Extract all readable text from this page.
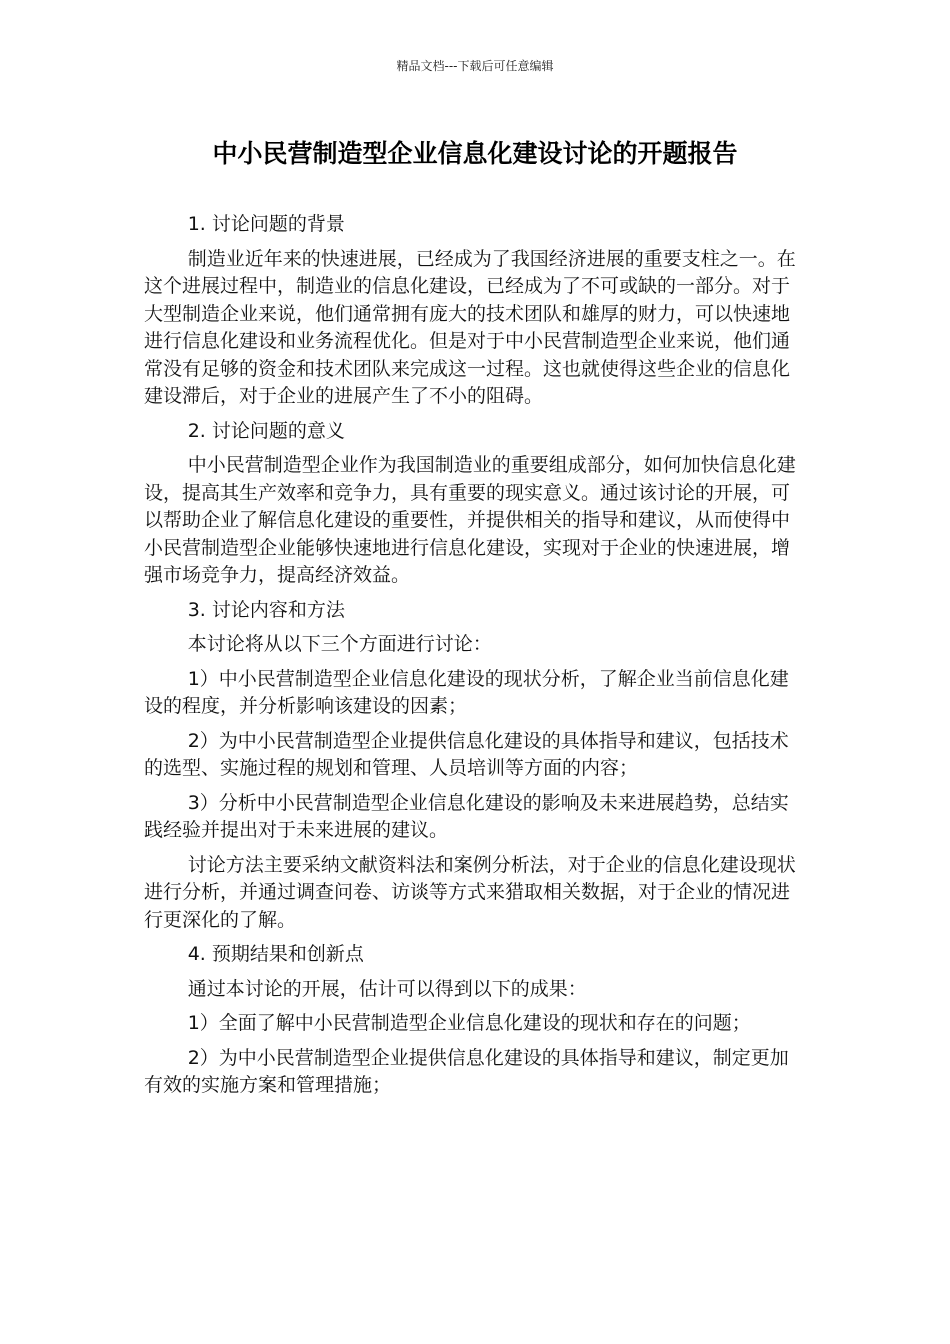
精品文档---下载后可任意编辑
中小民营制造型企业信息化建设讨论的开题报告

1. 讨论问题的背景

制造业近年来的快速进展，已经成为了我国经济进展的重要支柱之一。在这个进展过程中，制造业的信息化建设，已经成为了不可或缺的一部分。对于大型制造企业来说，他们通常拥有庞大的技术团队和雄厚的财力，可以快速地进行信息化建设和业务流程优化。但是对于中小民营制造型企业来说，他们通常没有足够的资金和技术团队来完成这一过程。这也就使得这些企业的信息化建设滞后，对于企业的进展产生了不小的阻碍。

2. 讨论问题的意义

中小民营制造型企业作为我国制造业的重要组成部分，如何加快信息化建设，提高其生产效率和竞争力，具有重要的现实意义。通过该讨论的开展，可以帮助企业了解信息化建设的重要性，并提供相关的指导和建议，从而使得中小民营制造型企业能够快速地进行信息化建设，实现对于企业的快速进展，增强市场竞争力，提高经济效益。

3. 讨论内容和方法

本讨论将从以下三个方面进行讨论：

1）中小民营制造型企业信息化建设的现状分析，了解企业当前信息化建设的程度，并分析影响该建设的因素；

2）为中小民营制造型企业提供信息化建设的具体指导和建议，包括技术的选型、实施过程的规划和管理、人员培训等方面的内容；

3）分析中小民营制造型企业信息化建设的影响及未来进展趋势，总结实践经验并提出对于未来进展的建议。

讨论方法主要采纳文献资料法和案例分析法，对于企业的信息化建设现状进行分析，并通过调查问卷、访谈等方式来猎取相关数据，对于企业的情况进行更深化的了解。

4. 预期结果和创新点

通过本讨论的开展，估计可以得到以下的成果：

1）全面了解中小民营制造型企业信息化建设的现状和存在的问题；

2）为中小民营制造型企业提供信息化建设的具体指导和建议，制定更加有效的实施方案和管理措施；
